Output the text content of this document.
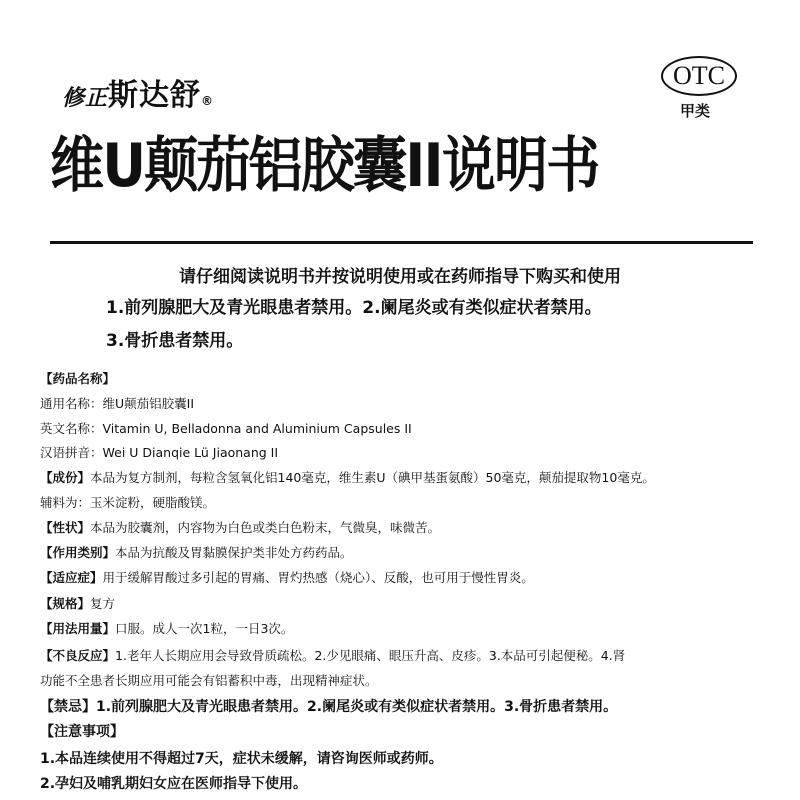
修正斯达舒®
OTC
甲类
维U颠茄铝胶囊II说明书
请仔细阅读说明书并按说明使用或在药师指导下购买和使用
1.前列腺肥大及青光眼患者禁用。2.阑尾炎或有类似症状者禁用。
3.骨折患者禁用。
【药品名称】
通用名称：维U颠茄铝胶囊II
英文名称：Vitamin U, Belladonna and Aluminium Capsules II
汉语拼音：Wei U Dianqie Lü Jiaonang II
【成份】本品为复方制剂，每粒含氢氧化铝140毫克，维生素U（碘甲基蛋氨酸）50毫克，颠茄提取物10毫克。
辅料为：玉米淀粉，硬脂酸镁。
【性状】本品为胶囊剂，内容物为白色或类白色粉末，气微臭，味微苦。
【作用类别】本品为抗酸及胃黏膜保护类非处方药药品。
【适应症】用于缓解胃酸过多引起的胃痛、胃灼热感（烧心）、反酸，也可用于慢性胃炎。
【规格】复方
【用法用量】口服。成人一次1粒，一日3次。
【不良反应】1.老年人长期应用会导致骨质疏松。2.少见眼痛、眼压升高、皮疹。3.本品可引起便秘。4.肾
功能不全患者长期应用可能会有铝蓄积中毒，出现精神症状。
【禁忌】1.前列腺肥大及青光眼患者禁用。2.阑尾炎或有类似症状者禁用。3.骨折患者禁用。
【注意事项】
1.本品连续使用不得超过7天，症状未缓解，请咨询医师或药师。
2.孕妇及哺乳期妇女应在医师指导下使用。
